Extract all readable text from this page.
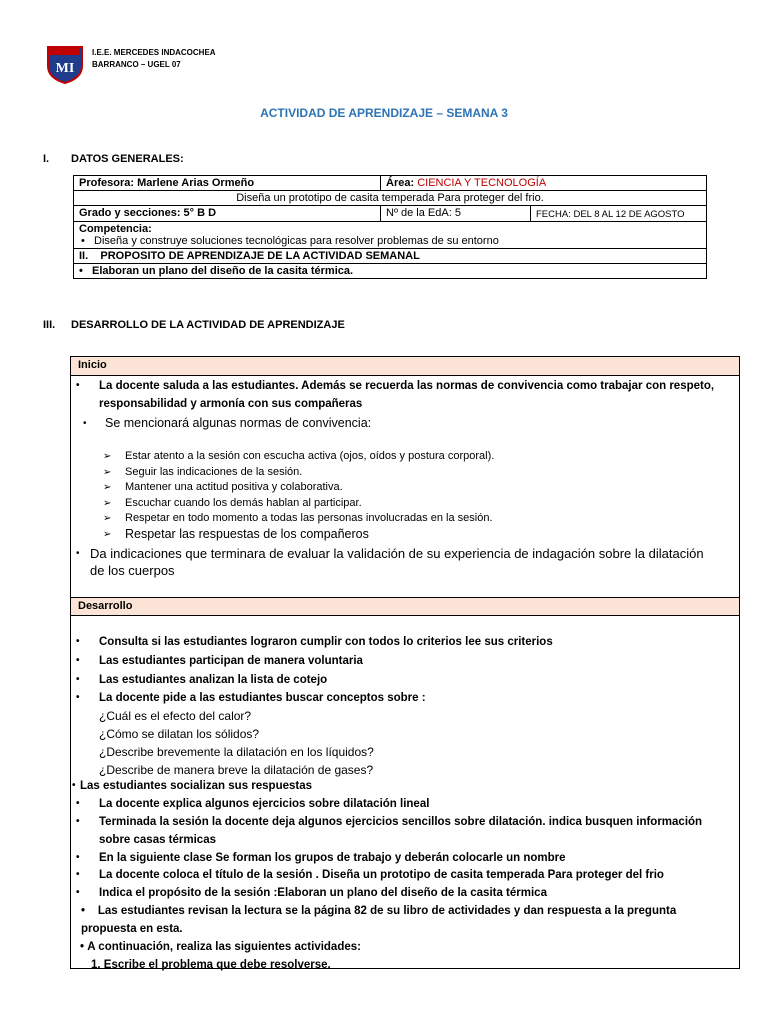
MI
I.E.E. MERCEDES INDACOCHEA
BARRANCO – UGEL 07
ACTIVIDAD DE APRENDIZAJE – SEMANA 3
I. DATOS GENERALES:
Profesora: Marlene Arias Ormeño	Área: CIENCIA Y TECNOLOGÍA	
Diseña un prototipo de casita temperada Para proteger del frio.		
Grado y secciones: 5° B D	Nº de la EdA: 5	FECHA: DEL 8 AL 12 DE AGOSTO

Competencia:
• Diseña y construye soluciones tecnológicas para resolver problemas de su entorno		

II. PROPOSITO DE APRENDIZAJE DE LA ACTIVIDAD SEMANAL		
• Elaboran un plano del diseño de la casita térmica.		
III. DESARROLLO DE LA ACTIVIDAD DE APRENDIZAJE
Inicio
• La docente saluda a las estudiantes. Además se recuerda las normas de convivencia como trabajar con respeto,
responsabilidad y armonía con sus compañeras
• Se mencionará algunas normas de convivencia:
➢ Estar atento a la sesión con escucha activa (ojos, oídos y postura corporal).
➢ Seguir las indicaciones de la sesión.
➢ Mantener una actitud positiva y colaborativa.
➢ Escuchar cuando los demás hablan al participar.
➢ Respetar en todo momento a todas las personas involucradas en la sesión.
➢ Respetar las respuestas de los compañeros
• Da indicaciones que terminara de evaluar la validación de su experiencia de indagación sobre la dilatación
de los cuerpos
Desarrollo
• Consulta si las estudiantes lograron cumplir con todos lo criterios lee sus criterios
• Las estudiantes participan de manera voluntaria
• Las estudiantes analizan la lista de cotejo
• La docente pide a las estudiantes buscar conceptos sobre :
¿Cuál es el efecto del calor?
¿Cómo se dilatan los sólidos?
¿Describe brevemente la dilatación en los líquidos?
¿Describe de manera breve la dilatación de gases?
• Las estudiantes socializan sus respuestas
• La docente explica algunos ejercicios sobre dilatación lineal
• Terminada la sesión la docente deja algunos ejercicios sencillos sobre dilatación. indica busquen información
sobre casas térmicas
• En la siguiente clase Se forman los grupos de trabajo y deberán colocarle un nombre
• La docente coloca el título de la sesión . Diseña un prototipo de casita temperada Para proteger del frio
• Indica el propósito de la sesión :Elaboran un plano del diseño de la casita térmica
• Las estudiantes revisan la lectura se la página 82 de su libro de actividades y dan respuesta a la pregunta
propuesta en esta.
• A continuación, realiza las siguientes actividades:
1. Escribe el problema que debe resolverse.
